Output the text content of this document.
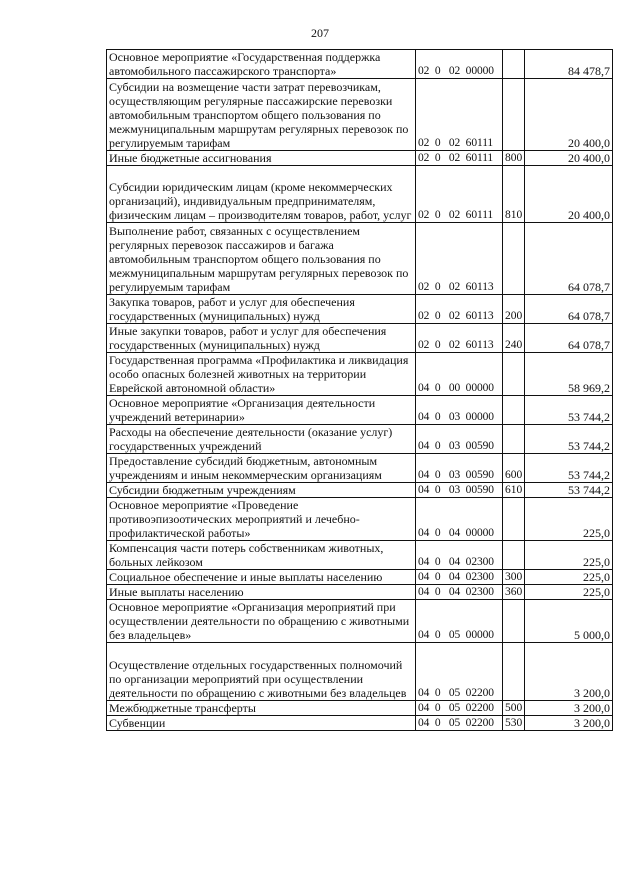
207
Основное мероприятие «Государственная поддержка автомобильного пассажирского транспорта»	02  0   02  00000		84 478,7
Субсидии на возмещение части затрат перевозчикам, осуществляющим регулярные пассажирские перевозки автомобильным транспортом общего пользования по межмуниципальным маршрутам регулярных перевозок по регулируемым тарифам	02  0   02  60111		20 400,0
Иные бюджетные ассигнования	02  0   02  60111	800	20 400,0
Субсидии юридическим лицам (кроме некоммерческих организаций), индивидуальным предпринимателям, физическим лицам – производителям товаров, работ, услуг	02  0   02  60111	810	20 400,0
Выполнение работ, связанных с осуществлением регулярных перевозок пассажиров и багажа автомобильным транспортом общего пользования по межмуниципальным маршрутам регулярных перевозок по регулируемым тарифам	02  0   02  60113		64 078,7
Закупка товаров, работ и услуг для обеспечения государственных (муниципальных) нужд	02  0   02  60113	200	64 078,7
Иные закупки товаров, работ и услуг для обеспечения государственных (муниципальных) нужд	02  0   02  60113	240	64 078,7
Государственная программа «Профилактика и ликвидация особо опасных болезней животных на территории Еврейской автономной области»	04  0   00  00000		58 969,2
Основное мероприятие «Организация деятельности учреждений ветеринарии»	04  0   03  00000		53 744,2
Расходы на обеспечение деятельности (оказание услуг) государственных учреждений	04  0   03  00590		53 744,2
Предоставление субсидий бюджетным, автономным учреждениям и иным некоммерческим организациям	04  0   03  00590	600	53 744,2
Субсидии бюджетным учреждениям	04  0   03  00590	610	53 744,2
Основное мероприятие «Проведение противоэпизоотических мероприятий и лечебно-профилактической работы»	04  0   04  00000		225,0
Компенсация части потерь собственникам животных, больных лейкозом	04  0   04  02300		225,0
Социальное обеспечение и иные выплаты населению	04  0   04  02300	300	225,0
Иные выплаты населению	04  0   04  02300	360	225,0
Основное мероприятие «Организация мероприятий при осуществлении деятельности по обращению с животными без владельцев»	04  0   05  00000		5 000,0
Осуществление отдельных государственных полномочий по организации мероприятий при осуществлении деятельности по обращению с животными без владельцев	04  0   05  02200		3 200,0
Межбюджетные трансферты	04  0   05  02200	500	3 200,0
Субвенции	04  0   05  02200	530	3 200,0
